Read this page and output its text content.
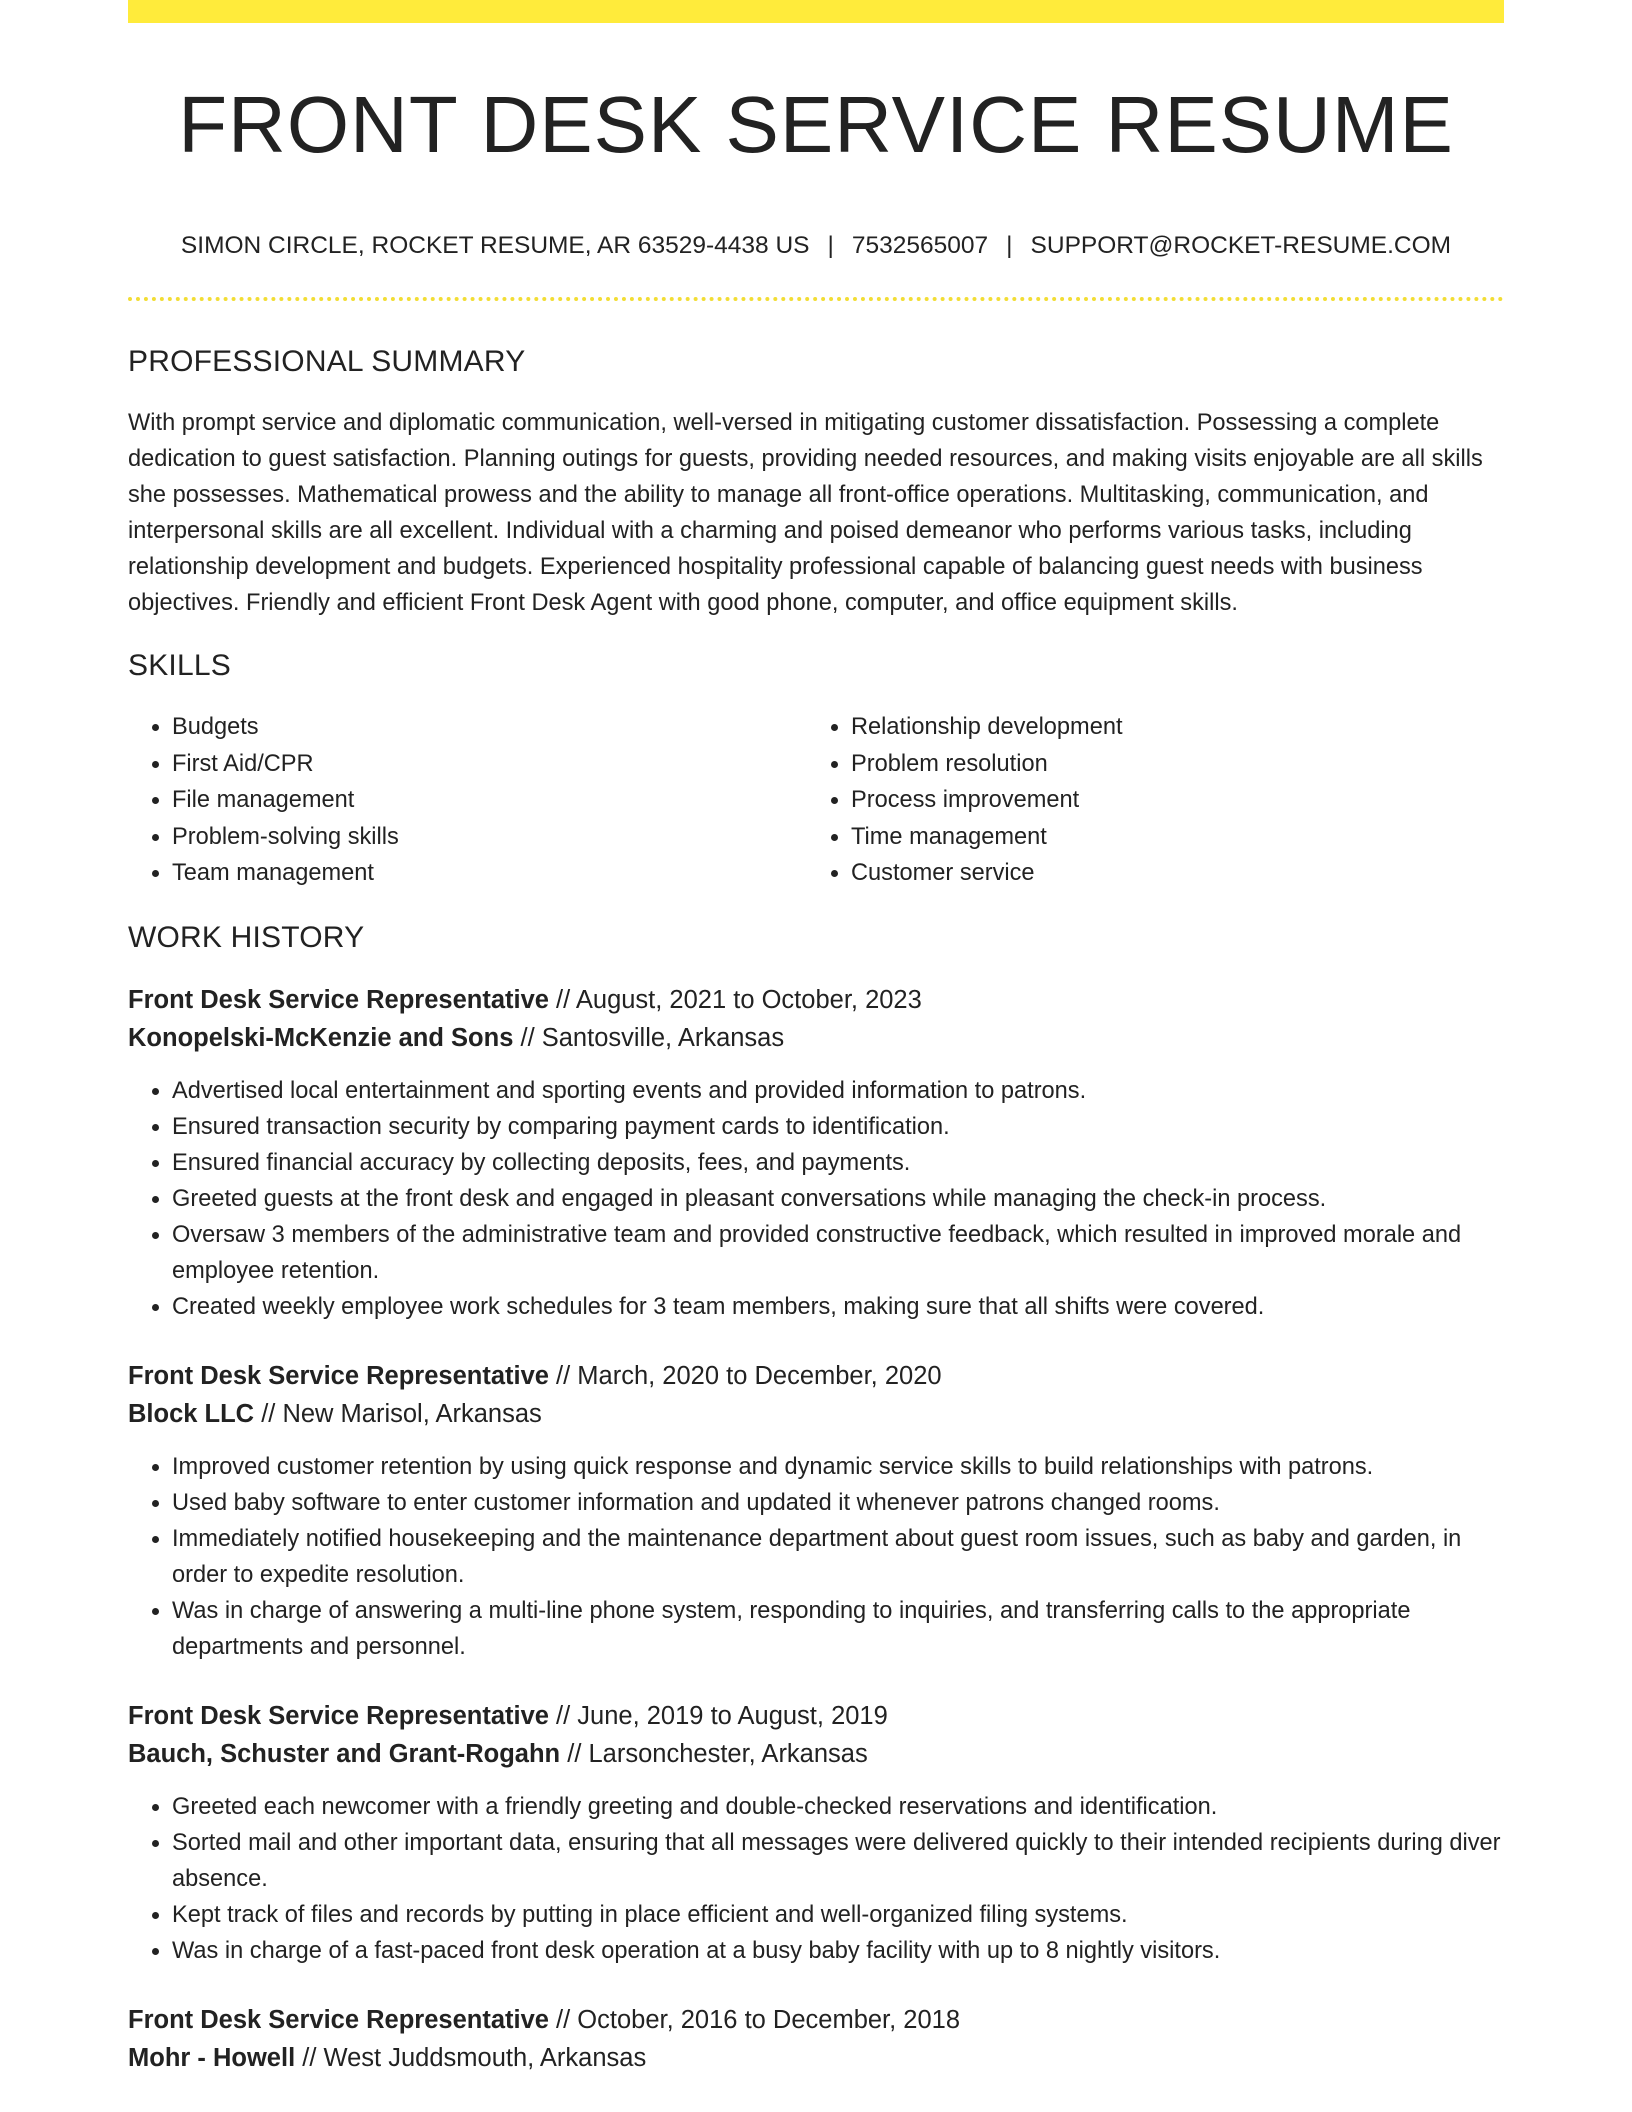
FRONT DESK SERVICE RESUME
SIMON CIRCLE, ROCKET RESUME, AR 63529-4438 US | 7532565007 | SUPPORT@ROCKET-RESUME.COM
PROFESSIONAL SUMMARY

With prompt service and diplomatic communication, well-versed in mitigating customer dissatisfaction. Possessing a complete dedication to guest satisfaction. Planning outings for guests, providing needed resources, and making visits enjoyable are all skills she possesses. Mathematical prowess and the ability to manage all front-office operations. Multitasking, communication, and interpersonal skills are all excellent. Individual with a charming and poised demeanor who performs various tasks, including relationship development and budgets. Experienced hospitality professional capable of balancing guest needs with business objectives. Friendly and efficient Front Desk Agent with good phone, computer, and office equipment skills.

SKILLS
• Budgets
• First Aid/CPR
• File management
• Problem-solving skills
• Team management
• Relationship development
• Problem resolution
• Process improvement
• Time management
• Customer service
WORK HISTORY
Front Desk Service Representative // August, 2021 to October, 2023
Konopelski-McKenzie and Sons // Santosville, Arkansas
• Advertised local entertainment and sporting events and provided information to patrons.
• Ensured transaction security by comparing payment cards to identification.
• Ensured financial accuracy by collecting deposits, fees, and payments.
• Greeted guests at the front desk and engaged in pleasant conversations while managing the check-in process.
• Oversaw 3 members of the administrative team and provided constructive feedback, which resulted in improved morale and employee retention.
• Created weekly employee work schedules for 3 team members, making sure that all shifts were covered.
Front Desk Service Representative // March, 2020 to December, 2020
Block LLC // New Marisol, Arkansas
• Improved customer retention by using quick response and dynamic service skills to build relationships with patrons.
• Used baby software to enter customer information and updated it whenever patrons changed rooms.
• Immediately notified housekeeping and the maintenance department about guest room issues, such as baby and garden, in order to expedite resolution.
• Was in charge of answering a multi-line phone system, responding to inquiries, and transferring calls to the appropriate departments and personnel.
Front Desk Service Representative // June, 2019 to August, 2019
Bauch, Schuster and Grant-Rogahn // Larsonchester, Arkansas
• Greeted each newcomer with a friendly greeting and double-checked reservations and identification.
• Sorted mail and other important data, ensuring that all messages were delivered quickly to their intended recipients during diver absence.
• Kept track of files and records by putting in place efficient and well-organized filing systems.
• Was in charge of a fast-paced front desk operation at a busy baby facility with up to 8 nightly visitors.
Front Desk Service Representative // October, 2016 to December, 2018
Mohr - Howell // West Juddsmouth, Arkansas
